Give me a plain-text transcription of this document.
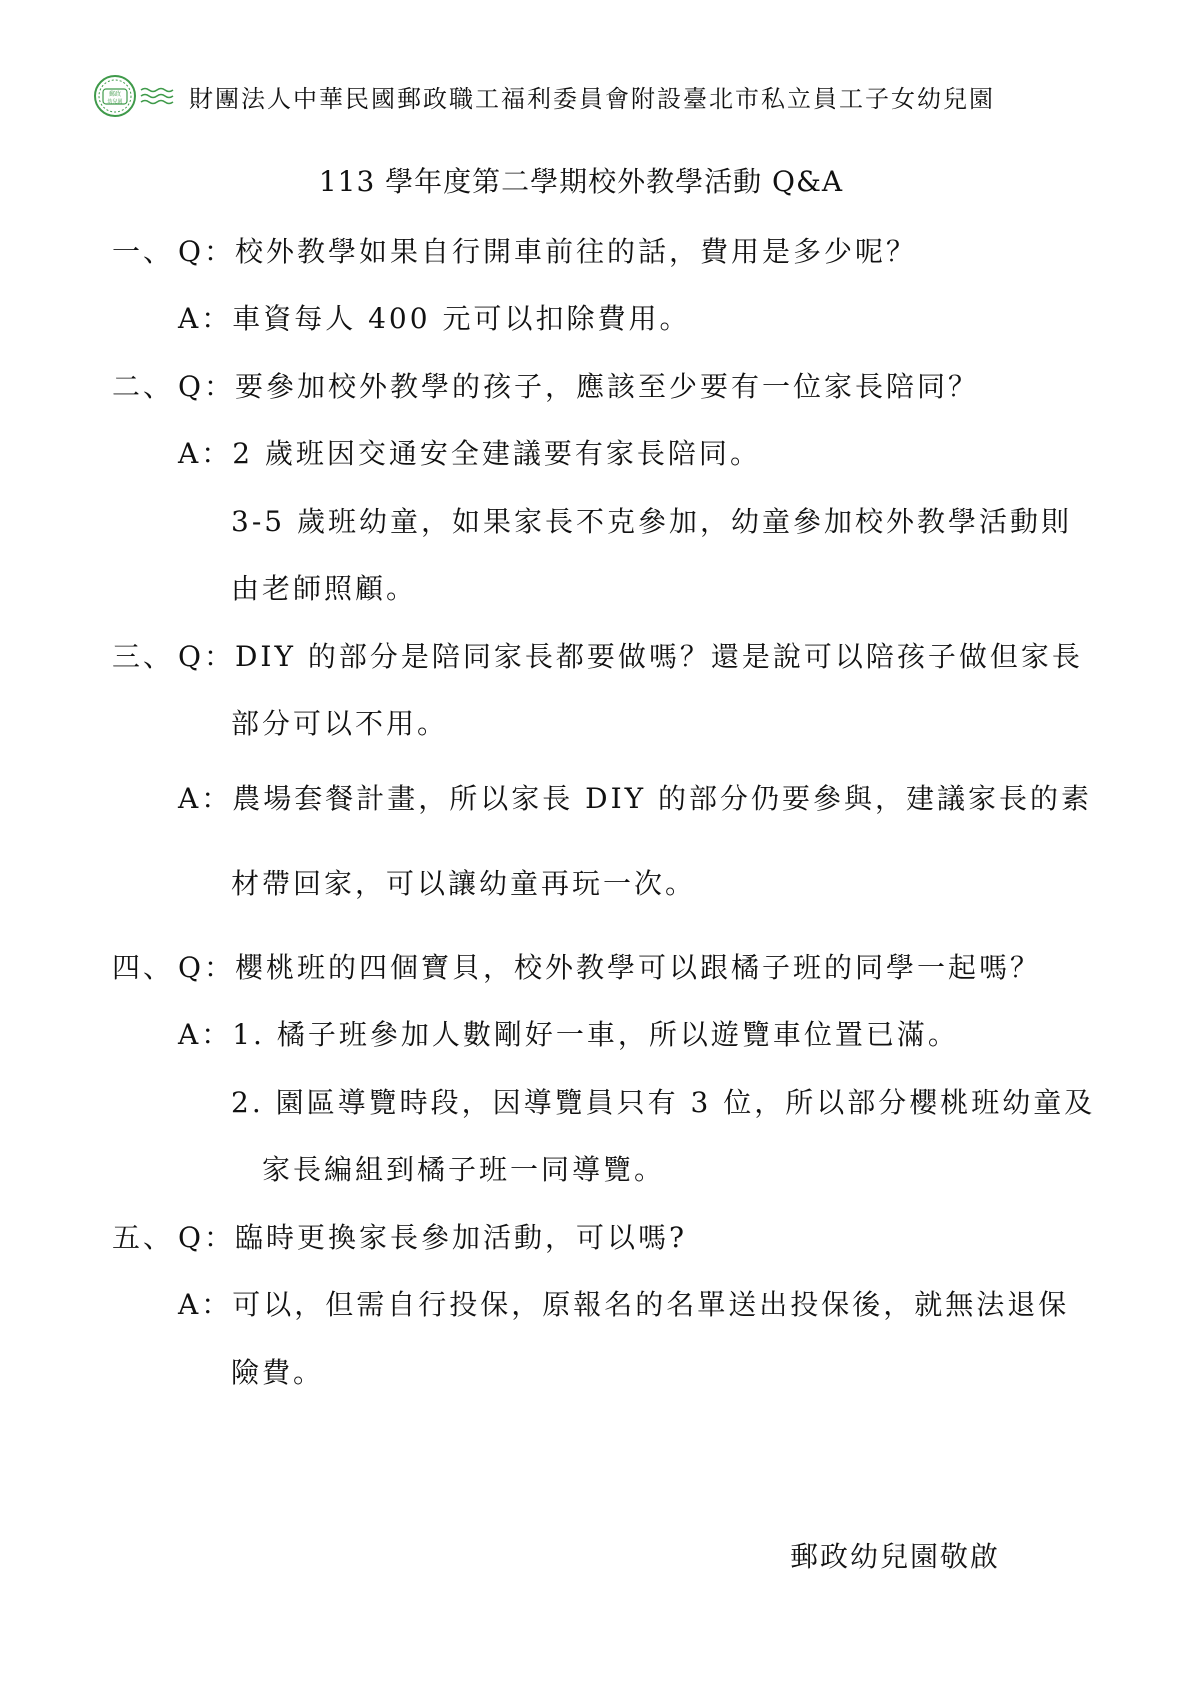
郵政
幼兒園	財團法人中華民國郵政職工福利委員會附設臺北市私立員工子女幼兒園
113 學年度第二學期校外教學活動 Q&A
一、 Q：校外教學如果自行開車前往的話，費用是多少呢？
A：車資每人 400 元可以扣除費用。
二、 Q：要參加校外教學的孩子，應該至少要有一位家長陪同？
A：2 歲班因交通安全建議要有家長陪同。
3-5 歲班幼童，如果家長不克參加，幼童參加校外教學活動則
由老師照顧。
三、 Q：DIY 的部分是陪同家長都要做嗎？還是說可以陪孩子做但家長
部分可以不用。
A：農場套餐計畫，所以家長 DIY 的部分仍要參與，建議家長的素
材帶回家，可以讓幼童再玩一次。
四、 Q：櫻桃班的四個寶貝，校外教學可以跟橘子班的同學一起嗎？
A：1. 橘子班參加人數剛好一車，所以遊覽車位置已滿。
2. 園區導覽時段，因導覽員只有 3 位，所以部分櫻桃班幼童及
家長編組到橘子班一同導覽。
五、 Q：臨時更換家長參加活動，可以嗎?
A：可以，但需自行投保，原報名的名單送出投保後，就無法退保
險費。
郵政幼兒園敬啟
